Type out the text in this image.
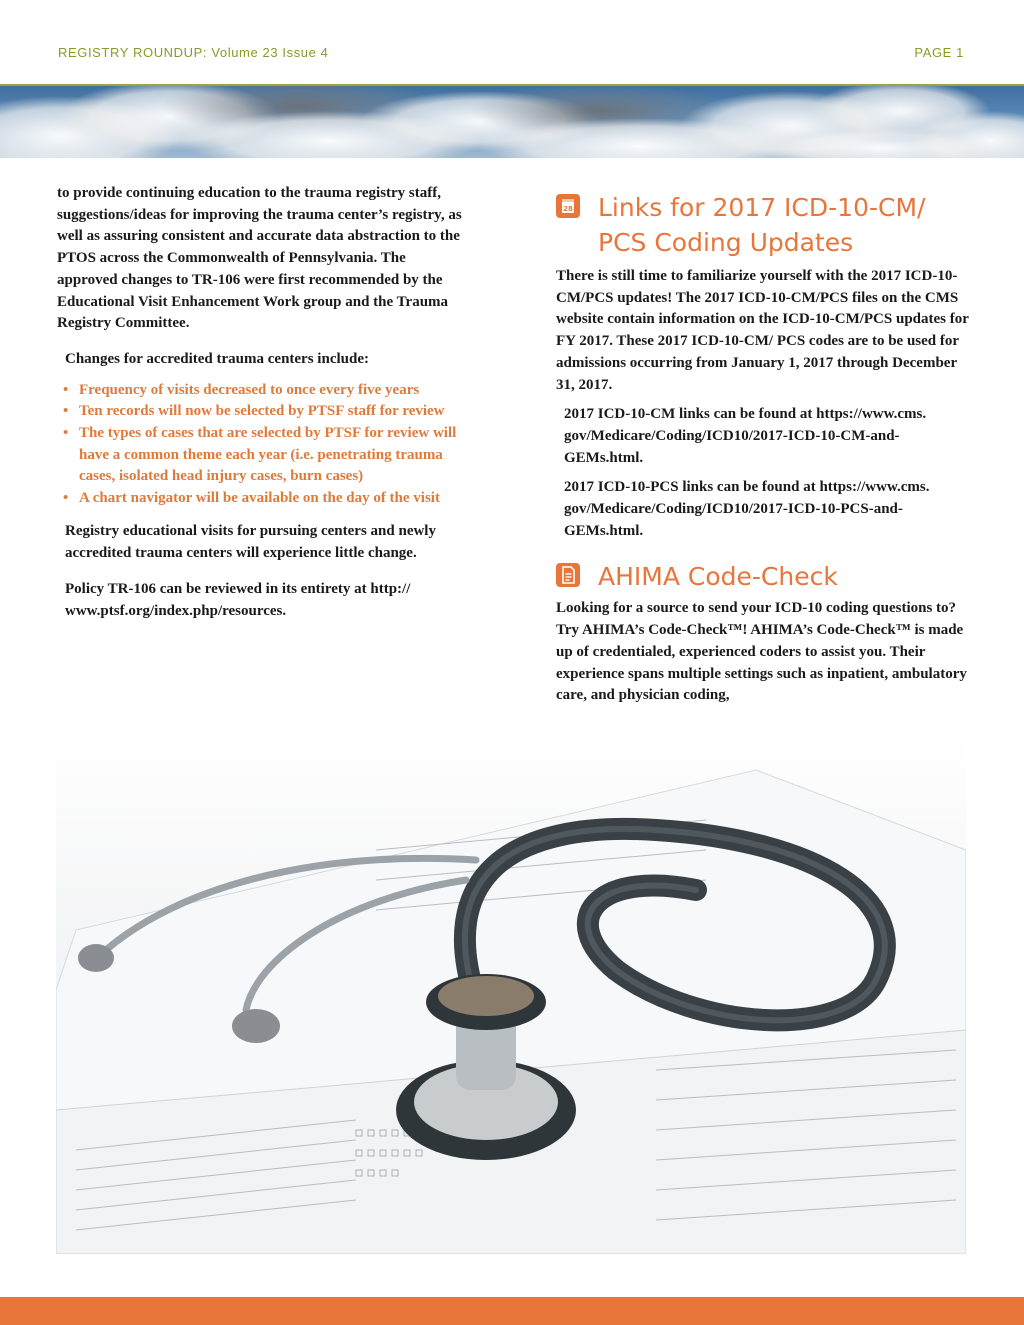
REGISTRY ROUNDUP: Volume 23 Issue 4	PAGE 1

to provide continuing education to the trauma registry staff, suggestions/ideas for improving the trauma center’s registry, as well as assuring consistent and accurate data abstraction to the PTOS across the Commonwealth of Pennsylvania. The approved changes to TR-106 were first recommended by the Educational Visit Enhancement Work group and the Trauma Registry Committee.

Changes for accredited trauma centers include:

• Frequency of visits decreased to once every five years
• Ten records will now be selected by PTSF staff for review
• The types of cases that are selected by PTSF for review will have a common theme each year (i.e. penetrating trauma cases, isolated head injury cases, burn cases)
• A chart navigator will be available on the day of the visit

Registry educational visits for pursuing centers and newly accredited trauma centers will experience little change.

Policy TR-106 can be reviewed in its entirety at http:// www.ptsf.org/index.php/resources.

28 Links for 2017 ICD-10-CM/
PCS Coding Updates

There is still time to familiarize yourself with the 2017 ICD-10-CM/PCS updates! The 2017 ICD-10-CM/PCS files on the CMS website contain information on the ICD-10-CM/PCS updates for FY 2017. These 2017 ICD-10-CM/ PCS codes are to be used for admissions occurring from January 1, 2017 through December 31, 2017.

2017 ICD-10-CM links can be found at https://www.cms. gov/Medicare/Coding/ICD10/2017-ICD-10-CM-and-GEMs.html.

2017 ICD-10-PCS links can be found at https://www.cms. gov/Medicare/Coding/ICD10/2017-ICD-10-PCS-and-GEMs.html.

AHIMA Code-Check

Looking for a source to send your ICD-10 coding questions to? Try AHIMA’s Code-Check™! AHIMA’s Code-Check™ is made up of credentialed, experienced coders to assist you. Their experience spans multiple settings such as inpatient, ambulatory care, and physician coding,
